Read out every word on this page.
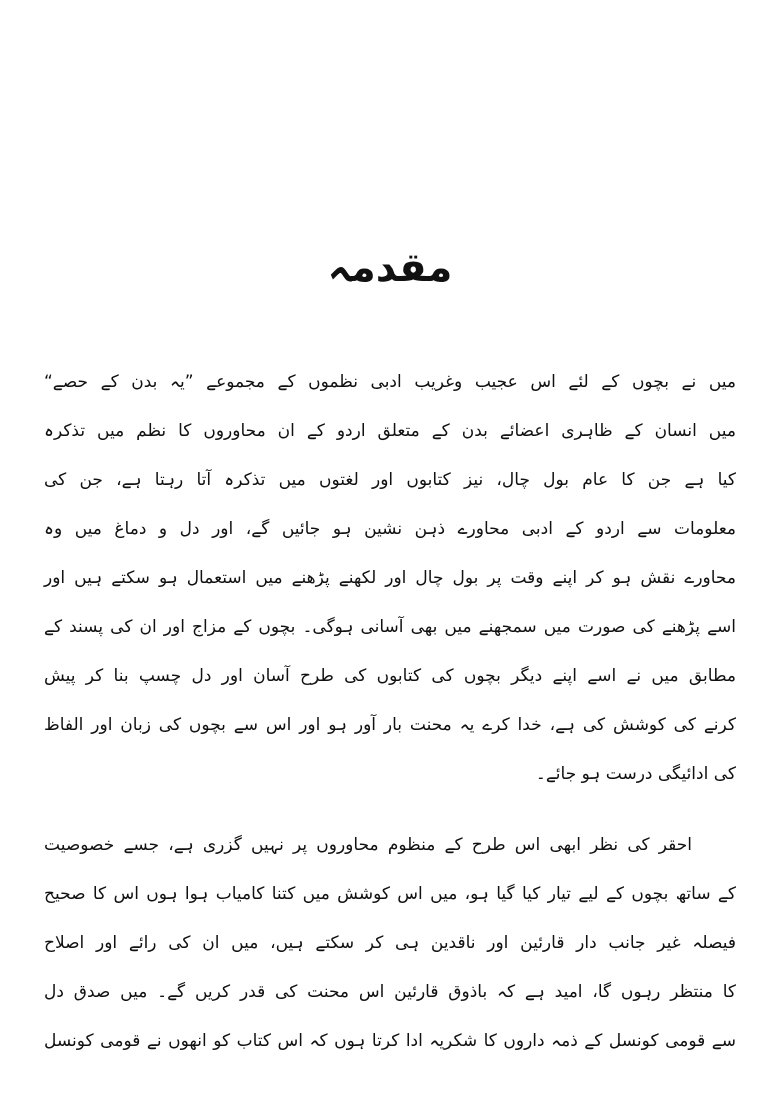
مقدمہ
میں نے بچوں کے لئے اس عجیب وغریب ادبی نظموں کے مجموعے ”یہ بدن کے حصے“
میں انسان کے ظاہری اعضائے بدن کے متعلق اردو کے ان محاوروں کا نظم میں تذکرہ
کیا ہے جن کا عام بول چال، نیز کتابوں اور لغتوں میں تذکرہ آتا رہتا ہے، جن کی
معلومات سے اردو کے ادبی محاورے ذہن نشین ہو جائیں گے، اور دل و دماغ میں وہ
محاورے نقش ہو کر اپنے وقت پر بول چال اور لکھنے پڑھنے میں استعمال ہو سکتے ہیں اور
اسے پڑھنے کی صورت میں سمجھنے میں بھی آسانی ہوگی۔ بچوں کے مزاج اور ان کی پسند کے
مطابق میں نے اسے اپنے دیگر بچوں کی کتابوں کی طرح آسان اور دل چسپ بنا کر پیش
کرنے کی کوشش کی ہے، خدا کرے یہ محنت بار آور ہو اور اس سے بچوں کی زبان اور الفاظ
کی ادائیگی درست ہو جائے۔
احقر کی نظر ابھی اس طرح کے منظوم محاوروں پر نہیں گزری ہے، جسے خصوصیت
کے ساتھ بچوں کے لیے تیار کیا گیا ہو، میں اس کوشش میں کتنا کامیاب ہوا ہوں اس کا صحیح
فیصلہ غیر جانب دار قارئین اور ناقدین ہی کر سکتے ہیں، میں ان کی رائے اور اصلاح
کا منتظر رہوں گا، امید ہے کہ باذوق قارئین اس محنت کی قدر کریں گے۔ میں صدق دل
سے قومی کونسل کے ذمہ داروں کا شکریہ ادا کرتا ہوں کہ اس کتاب کو انھوں نے قومی کونسل
